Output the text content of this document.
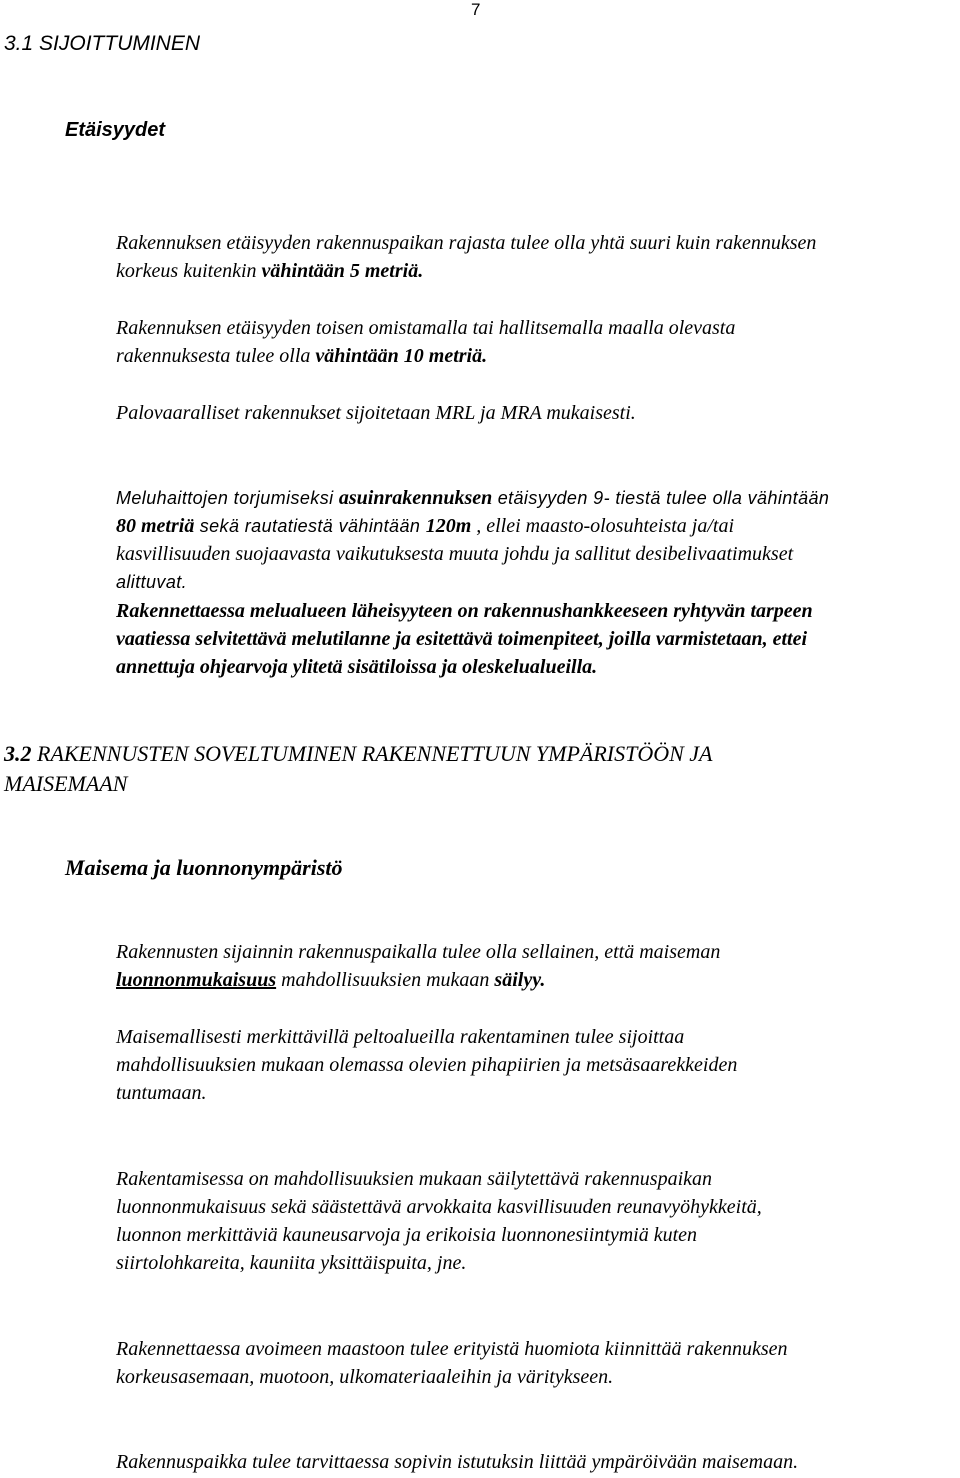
7
3.1 SIJOITTUMINEN
Etäisyydet

Rakennuksen etäisyyden rakennuspaikan rajasta tulee olla yhtä suuri kuin rakennuksen
korkeus kuitenkin vähintään 5 metriä.

Rakennuksen etäisyyden toisen omistamalla tai hallitsemalla maalla olevasta
rakennuksesta tulee olla vähintään 10 metriä.

Palovaaralliset rakennukset sijoitetaan MRL ja MRA mukaisesti.

Meluhaittojen torjumiseksi asuinrakennuksen etäisyyden 9- tiestä tulee olla vähintään
80 metriä sekä rautatiestä vähintään 120m , ellei maasto-olosuhteista ja/tai
kasvillisuuden suojaavasta vaikutuksesta muuta johdu ja sallitut desibelivaatimukset
alittuvat.

Rakennettaessa melualueen läheisyyteen on rakennushankkeeseen ryhtyvän tarpeen
vaatiessa selvitettävä melutilanne ja esitettävä toimenpiteet, joilla varmistetaan, ettei
annettuja ohjearvoja ylitetä sisätiloissa ja oleskelualueilla.

3.2 RAKENNUSTEN SOVELTUMINEN RAKENNETTUUN YMPÄRISTÖÖN JA
MAISEMAAN
Maisema ja luonnonympäristö

Rakennusten sijainnin rakennuspaikalla tulee olla sellainen, että maiseman
luonnonmukaisuus mahdollisuuksien mukaan säilyy.

Maisemallisesti merkittävillä peltoalueilla rakentaminen tulee sijoittaa
mahdollisuuksien mukaan olemassa olevien pihapiirien ja metsäsaarekkeiden
tuntumaan.

Rakentamisessa on mahdollisuuksien mukaan säilytettävä rakennuspaikan
luonnonmukaisuus sekä säästettävä arvokkaita kasvillisuuden reunavyöhykkeitä,
luonnon merkittäviä kauneusarvoja ja erikoisia luonnonesiintymiä kuten
siirtolohkareita, kauniita yksittäispuita, jne.

Rakennettaessa avoimeen maastoon tulee erityistä huomiota kiinnittää rakennuksen
korkeusasemaan, muotoon, ulkomateriaaleihin ja väritykseen.

Rakennuspaikka tulee tarvittaessa sopivin istutuksin liittää ympäröivään maisemaan.
